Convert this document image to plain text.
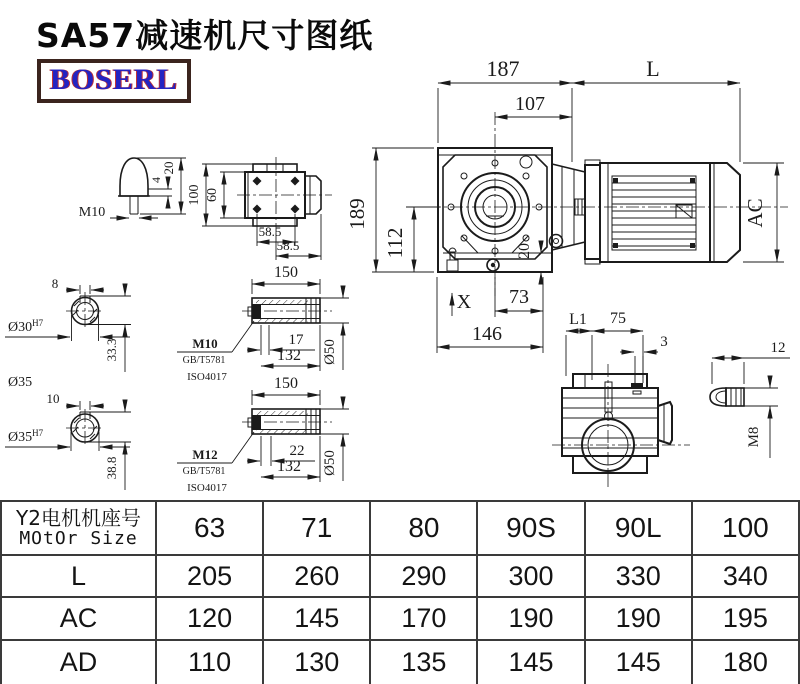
187	L
107
189
112	20
X 73
146
AC
M10
4
20
100 60
58.5
58.5
8
$Ø30^{H7}$
33.3
Ø35
10
$Ø35^{H7}$
38.8
150
17
132 Ø50
M10
GB/T5781
ISO4017	150
22
132 Ø50
M12
GB/T5781
ISO4017
L1 75
3	12
M8
SA57减速机尺寸图纸
BOSERL
Y2电机机座号
MOtOr Size	63	71	80	90S	90L	100
L	205	260	290	300	330	340
AC	120	145	170	190	190	195
AD	110	130	135	145	145	180
